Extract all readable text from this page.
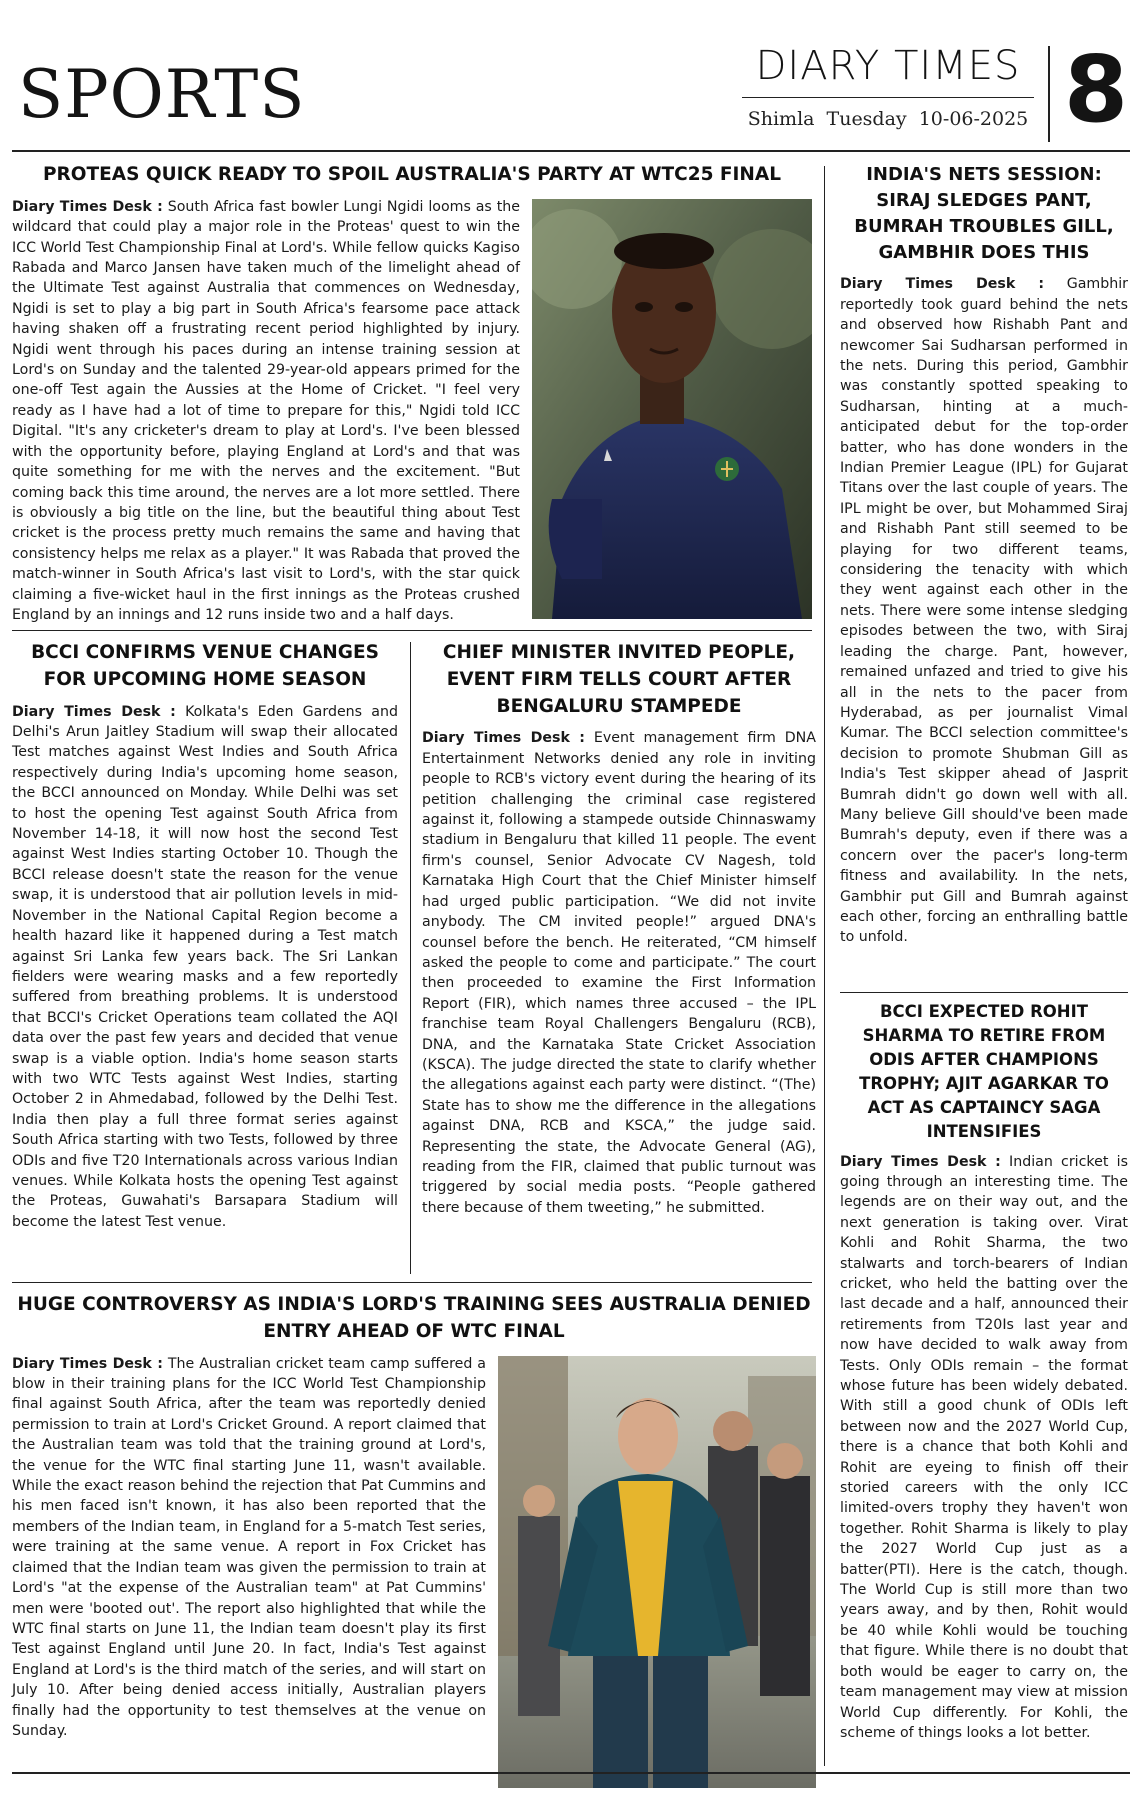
SPORTS	DIARY TIMES
Shimla Tuesday 10-06-2025 8
PROTEAS QUICK READY TO SPOIL AUSTRALIA'S PARTY AT WTC25 FINAL

Diary Times Desk : South Africa fast bowler Lungi Ngidi looms as the wildcard that could play a major role in the Proteas' quest to win the ICC World Test Championship Final at Lord's. While fellow quicks Kagiso Rabada and Marco Jansen have taken much of the limelight ahead of the Ultimate Test against Australia that commences on Wednesday, Ngidi is set to play a big part in South Africa's fearsome pace attack having shaken off a frustrating recent period highlighted by injury. Ngidi went through his paces during an intense training session at Lord's on Sunday and the talented 29-year-old appears primed for the one-off Test again the Aussies at the Home of Cricket. "I feel very ready as I have had a lot of time to prepare for this," Ngidi told ICC Digital. "It's any cricketer's dream to play at Lord's. I've been blessed with the opportunity before, playing England at Lord's and that was quite something for me with the nerves and the excitement. "But coming back this time around, the nerves are a lot more settled. There is obviously a big title on the line, but the beautiful thing about Test cricket is the process pretty much remains the same and having that consistency helps me relax as a player." It was Rabada that proved the match-winner in South Africa's last visit to Lord's, with the star quick claiming a five-wicket haul in the first innings as the Proteas crushed England by an innings and 12 runs inside two and a half days.

BCCI CONFIRMS VENUE CHANGES FOR UPCOMING HOME SEASON

Diary Times Desk : Kolkata's Eden Gardens and Delhi's Arun Jaitley Stadium will swap their allocated Test matches against West Indies and South Africa respectively during India's upcoming home season, the BCCI announced on Monday. While Delhi was set to host the opening Test against South Africa from November 14-18, it will now host the second Test against West Indies starting October 10. Though the BCCI release doesn't state the reason for the venue swap, it is understood that air pollution levels in mid-November in the National Capital Region become a health hazard like it happened during a Test match against Sri Lanka few years back. The Sri Lankan fielders were wearing masks and a few reportedly suffered from breathing problems. It is understood that BCCI's Cricket Operations team collated the AQI data over the past few years and decided that venue swap is a viable option. India's home season starts with two WTC Tests against West Indies, starting October 2 in Ahmedabad, followed by the Delhi Test. India then play a full three format series against South Africa starting with two Tests, followed by three ODIs and five T20 Internationals across various Indian venues. While Kolkata hosts the opening Test against the Proteas, Guwahati's Barsapara Stadium will become the latest Test venue.

CHIEF MINISTER INVITED PEOPLE, EVENT FIRM TELLS COURT AFTER BENGALURU STAMPEDE

Diary Times Desk : Event management firm DNA Entertainment Networks denied any role in inviting people to RCB's victory event during the hearing of its petition challenging the criminal case registered against it, following a stampede outside Chinnaswamy stadium in Bengaluru that killed 11 people. The event firm's counsel, Senior Advocate CV Nagesh, told Karnataka High Court that the Chief Minister himself had urged public participation. “We did not invite anybody. The CM invited people!” argued DNA's counsel before the bench. He reiterated, “CM himself asked the people to come and participate.” The court then proceeded to examine the First Information Report (FIR), which names three accused – the IPL franchise team Royal Challengers Bengaluru (RCB), DNA, and the Karnataka State Cricket Association (KSCA). The judge directed the state to clarify whether the allegations against each party were distinct. “(The) State has to show me the difference in the allegations against DNA, RCB and KSCA,” the judge said. Representing the state, the Advocate General (AG), reading from the FIR, claimed that public turnout was triggered by social media posts. “People gathered there because of them tweeting,” he submitted.

HUGE CONTROVERSY AS INDIA'S LORD'S TRAINING SEES AUSTRALIA DENIED ENTRY AHEAD OF WTC FINAL

Diary Times Desk : The Australian cricket team camp suffered a blow in their training plans for the ICC World Test Championship final against South Africa, after the team was reportedly denied permission to train at Lord's Cricket Ground. A report claimed that the Australian team was told that the training ground at Lord's, the venue for the WTC final starting June 11, wasn't available. While the exact reason behind the rejection that Pat Cummins and his men faced isn't known, it has also been reported that the members of the Indian team, in England for a 5-match Test series, were training at the same venue. A report in Fox Cricket has claimed that the Indian team was given the permission to train at Lord's "at the expense of the Australian team" at Pat Cummins' men were 'booted out'. The report also highlighted that while the WTC final starts on June 11, the Indian team doesn't play its first Test against England until June 20. In fact, India's Test against England at Lord's is the third match of the series, and will start on July 10. After being denied access initially, Australian players finally had the opportunity to test themselves at the venue on Sunday.

INDIA'S NETS SESSION: SIRAJ SLEDGES PANT, BUMRAH TROUBLES GILL, GAMBHIR DOES THIS

Diary Times Desk : Gambhir reportedly took guard behind the nets and observed how Rishabh Pant and newcomer Sai Sudharsan performed in the nets. During this period, Gambhir was constantly spotted speaking to Sudharsan, hinting at a much-anticipated debut for the top-order batter, who has done wonders in the Indian Premier League (IPL) for Gujarat Titans over the last couple of years. The IPL might be over, but Mohammed Siraj and Rishabh Pant still seemed to be playing for two different teams, considering the tenacity with which they went against each other in the nets. There were some intense sledging episodes between the two, with Siraj leading the charge. Pant, however, remained unfazed and tried to give his all in the nets to the pacer from Hyderabad, as per journalist Vimal Kumar. The BCCI selection committee's decision to promote Shubman Gill as India's Test skipper ahead of Jasprit Bumrah didn't go down well with all. Many believe Gill should've been made Bumrah's deputy, even if there was a concern over the pacer's long-term fitness and availability. In the nets, Gambhir put Gill and Bumrah against each other, forcing an enthralling battle to unfold.

BCCI EXPECTED ROHIT SHARMA TO RETIRE FROM ODIS AFTER CHAMPIONS TROPHY; AJIT AGARKAR TO ACT AS CAPTAINCY SAGA INTENSIFIES

Diary Times Desk : Indian cricket is going through an interesting time. The legends are on their way out, and the next generation is taking over. Virat Kohli and Rohit Sharma, the two stalwarts and torch-bearers of Indian cricket, who held the batting over the last decade and a half, announced their retirements from T20Is last year and now have decided to walk away from Tests. Only ODIs remain – the format whose future has been widely debated. With still a good chunk of ODIs left between now and the 2027 World Cup, there is a chance that both Kohli and Rohit are eyeing to finish off their storied careers with the only ICC limited-overs trophy they haven't won together. Rohit Sharma is likely to play the 2027 World Cup just as a batter(PTI). Here is the catch, though. The World Cup is still more than two years away, and by then, Rohit would be 40 while Kohli would be touching that figure. While there is no doubt that both would be eager to carry on, the team management may view at mission World Cup differently. For Kohli, the scheme of things looks a lot better.
